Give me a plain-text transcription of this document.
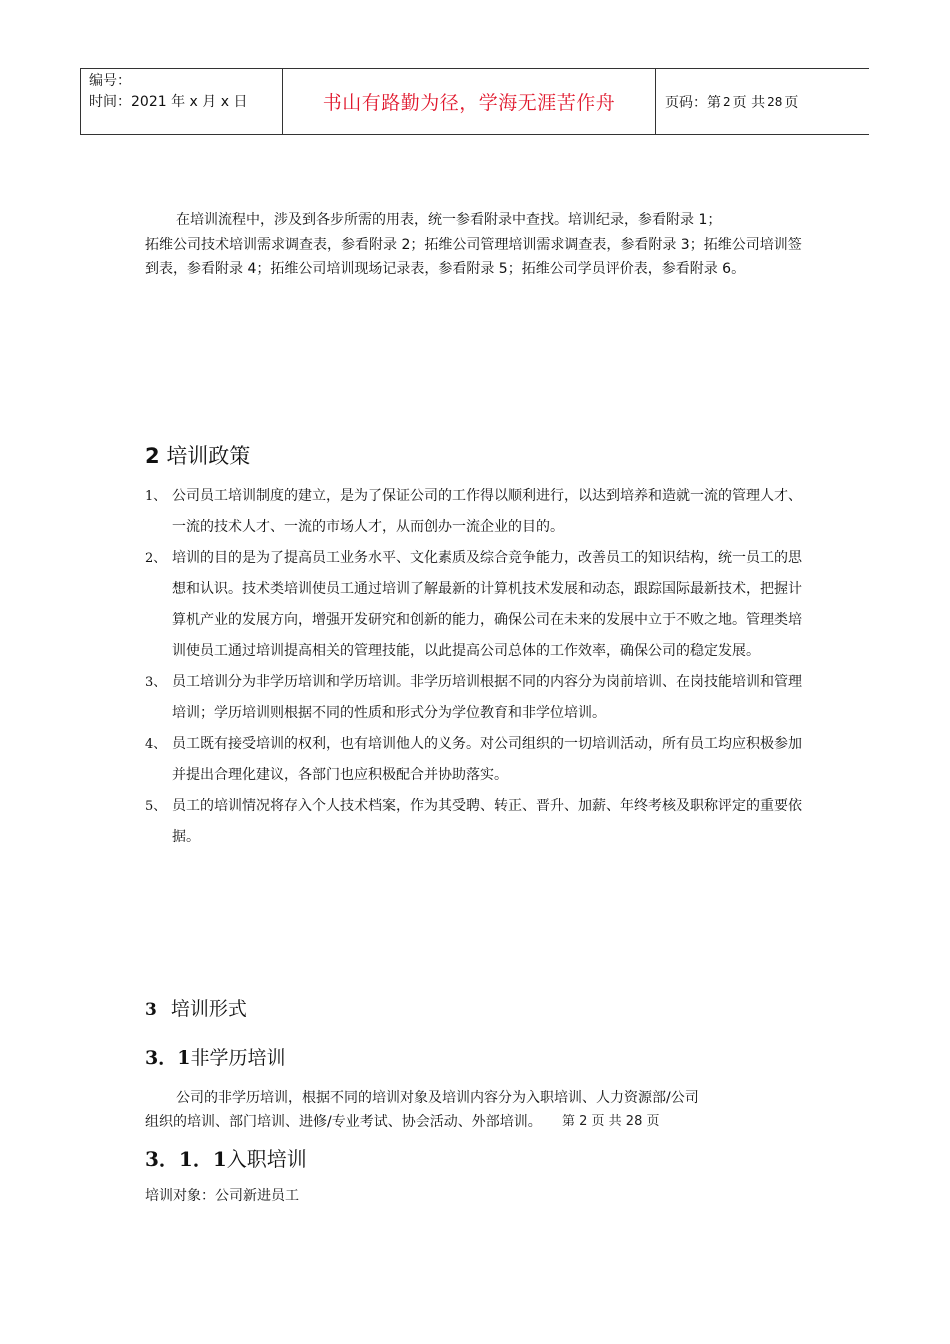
编号：
时间：2021 年 x 月 x 日	书山有路勤为径，学海无涯苦作舟	页码：第 2 页 共 28 页
在培训流程中，涉及到各步所需的用表，统一参看附录中查找。培训纪录，参看附录 1；
拓维公司技术培训需求调查表，参看附录 2；拓维公司管理培训需求调查表，参看附录 3；拓维公司培训签到表，参看附录 4；拓维公司培训现场记录表，参看附录 5；拓维公司学员评价表，参看附录 6。
2 培训政策
1、 公司员工培训制度的建立，是为了保证公司的工作得以顺利进行，以达到培养和造就一流的管理人才、一流的技术人才、一流的市场人才，从而创办一流企业的目的。
2、 培训的目的是为了提高员工业务水平、文化素质及综合竞争能力，改善员工的知识结构，统一员工的思想和认识。技术类培训使员工通过培训了解最新的计算机技术发展和动态，跟踪国际最新技术，把握计算机产业的发展方向，增强开发研究和创新的能力，确保公司在未来的发展中立于不败之地。管理类培训使员工通过培训提高相关的管理技能，以此提高公司总体的工作效率，确保公司的稳定发展。
3、 员工培训分为非学历培训和学历培训。非学历培训根据不同的内容分为岗前培训、在岗技能培训和管理培训；学历培训则根据不同的性质和形式分为学位教育和非学位培训。
4、 员工既有接受培训的权利，也有培训他人的义务。对公司组织的一切培训活动，所有员工均应积极参加并提出合理化建议，各部门也应积极配合并协助落实。
5、 员工的培训情况将存入个人技术档案，作为其受聘、转正、晋升、加薪、年终考核及职称评定的重要依据。
3 培训形式
3．1非学历培训
公司的非学历培训，根据不同的培训对象及培训内容分为入职培训、人力资源部/公司
组织的培训、部门培训、进修/专业考试、协会活动、外部培训。	第 2 页 共 28 页
3．1．1入职培训
培训对象：公司新进员工
